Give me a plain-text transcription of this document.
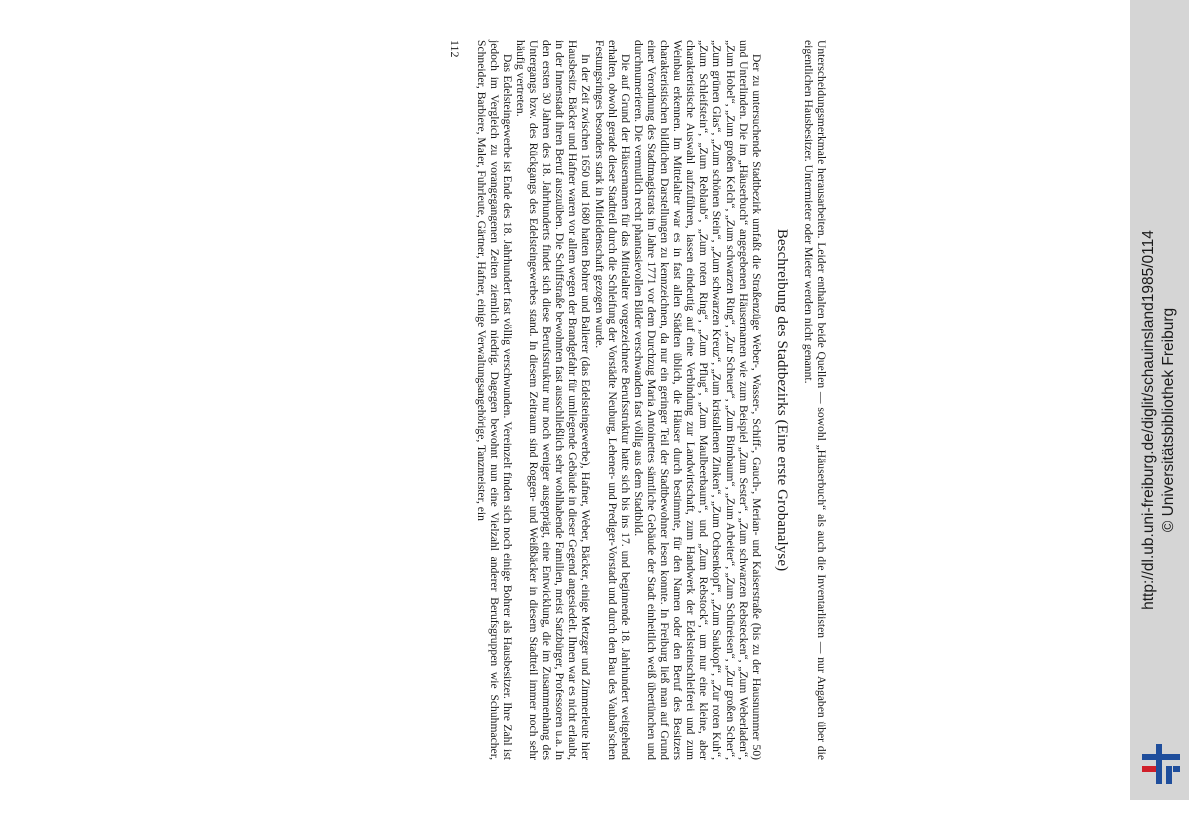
Unterscheidungsmerkmale herausarbeiten. Leider enthalten beide Quellen — sowohl „Häuserbuch“ als auch die Inventarlisten — nur Angaben über die eigentlichen Hausbesitzer. Untermieter oder Mieter werden nicht genannt.

Beschreibung des Stadtbezirks (Eine erste Grobanalyse)

Der zu untersuchende Stadtbezirk umfaßt die Straßenzüge Weber-, Wasser-, Schiff-, Gauch-, Merian- und Kaiserstraße (bis zu der Hausnummer 50) und Unterlinden. Die im „Häuserbuch“ angegebenen Häusernamen wie zum Beispiel „Zum Sester“, „Zum schwarzen Rebstecken“, „Zum Weberladen“, „Zum Hobel“, „Zum großen Kelch“, „Zum schwarzen Ring“, „Zur Scheuer“, „Zum Birnbaum“, „Zum Arbeiter“, „Zum Schüreisen“, „Zur großen Scher“, „Zum grünen Glas“, „Zum schönen Stein“, „Zum schwarzen Kreuz“, „Zum kristallenen Zinken“, „Zum Ochsenkopf“, „Zum Saukopf“, „Zur roten Kuh“, „Zum Schleifstein“, „Zum Reblaub“, „Zum roten Ring“, „Zum Pflug“, „Zum Maulbeerbaum“, und „Zum Rebstock“, um nur eine kleine, aber charakteristische Auswahl aufzuführen, lassen eindeutig auf eine Verbindung zur Landwirtschaft, zum Handwerk der Edelsteinschleiferei und zum Weinbau erkennen. Im Mittelalter war es in fast allen Städten üblich, die Häuser durch bestimmte, für den Namen oder den Beruf des Besitzers charakteristischen bildlichen Darstellungen zu kennzeichnen, da nur ein geringer Teil der Stadtbewohner lesen konnte. In Freiburg ließ man auf Grund einer Verordnung des Stadtmagistrats im Jahre 1771 vor dem Durchzug Maria Antoinettes sämtliche Gebäude der Stadt einheitlich weiß übertünchen und durchnumerieren. Die vermutlich recht phantasievollen Bilder verschwanden fast völlig aus dem Stadtbild.

Die auf Grund der Häusernamen für das Mittelalter vorgezeichnete Berufsstruktur hatte sich bis ins 17. und beginnende 18. Jahrhundert weitgehend erhalten, obwohl gerade dieser Stadtteil durch die Schleifung der Vorstädte Neuburg, Lehener- und Prediger-Vorstadt und durch den Bau des Vauban'schen Festungsringes besonders stark in Mitleidenschaft gezogen wurde.

In der Zeit zwischen 1650 und 1680 hatten Bohrer und Balierer (das Edelsteingewerbe), Hafner, Weber, Bäcker, einige Metzger und Zimmerleute hier Hausbesitz. Bäcker und Hafner waren vor allem wegen der Brandgefahr für umliegende Gebäude in dieser Gegend angesiedelt. Ihnen war es nicht erlaubt, in der Innenstadt ihren Beruf auszuüben. Die Schiffstraße bewohnten fast ausschließlich sehr wohlhabende Familien, meist Satzbürger, Professoren u.a. In den ersten 30 Jahren des 18. Jahrhunderts findet sich diese Berufsstruktur nur noch weniger ausgeprägt, eine Entwicklung, die im Zusammenhang des Untergangs bzw. des Rückgangs des Edelsteingewerbes stand. In diesem Zeitraum sind Roggen- und Weißbäcker in diesem Stadtteil immer noch sehr häufig vertreten.

Das Edelsteingewerbe ist Ende des 18. Jahrhundert fast völlig verschwunden. Vereinzelt finden sich noch einige Bohrer als Hausbesitzer. Ihre Zahl ist jedoch im Vergleich zu vorangegangenen Zeiten ziemlich niedrig. Dagegen bewohnt nun eine Vielzahl anderer Berufsgruppen wie Schuhmacher, Schneider, Barbiere, Maler, Fuhrleute, Gärtner, Hafner, einige Verwaltungsangehörige, Tanzmeister, ein

112
http://dl.ub.uni-freiburg.de/diglit/schauinsland1985/0114 © Universitätsbibliothek Freiburg
